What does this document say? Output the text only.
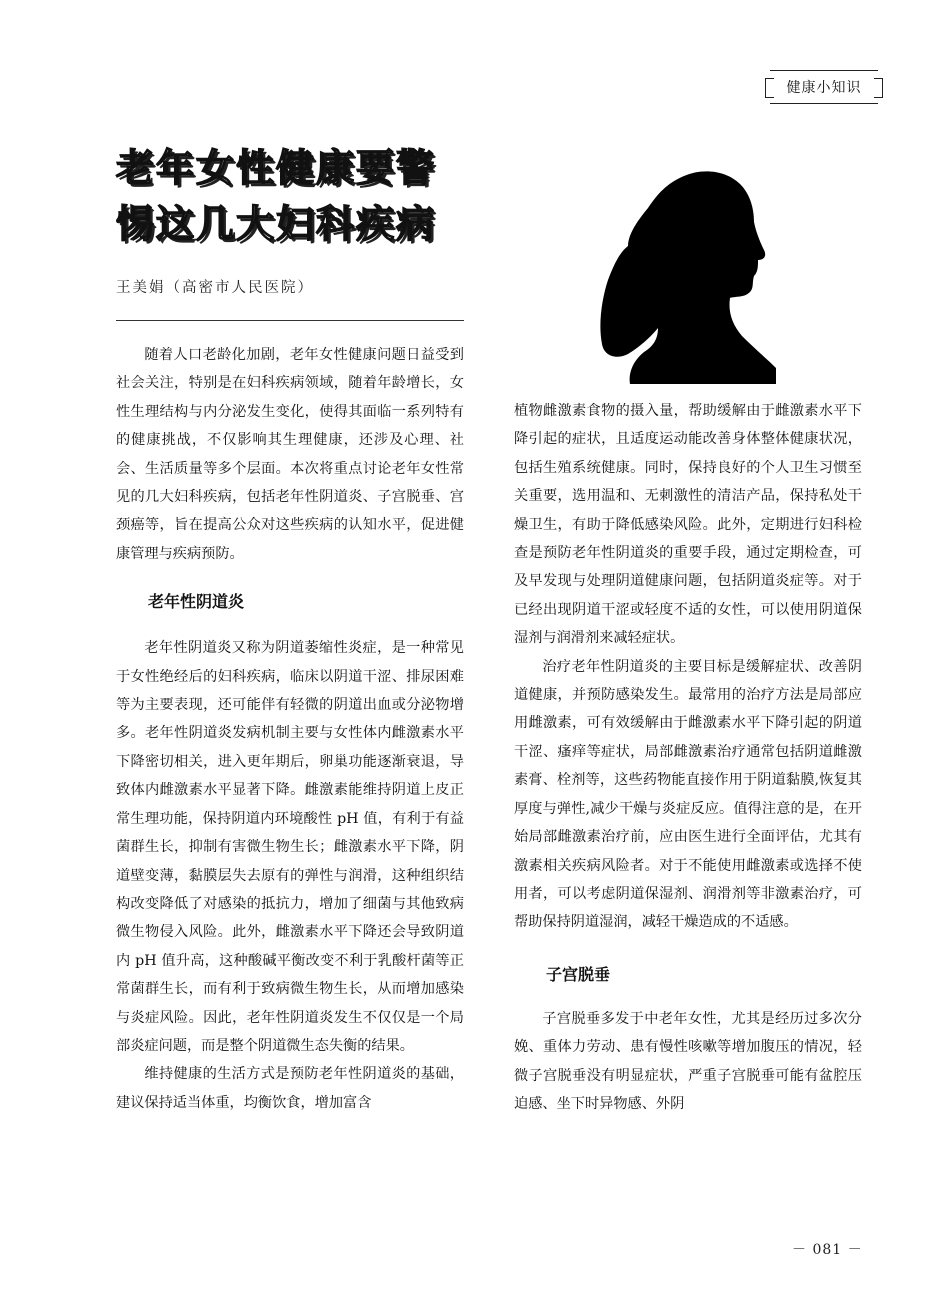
健康小知识
老年女性健康要警
惕这几大妇科疾病
王美娟（高密市人民医院）

随着人口老龄化加剧，老年女性健康问题日益受到社会关注，特别是在妇科疾病领域，随着年龄增长，女性生理结构与内分泌发生变化，使得其面临一系列特有的健康挑战，不仅影响其生理健康，还涉及心理、社会、生活质量等多个层面。本次将重点讨论老年女性常见的几大妇科疾病，包括老年性阴道炎、子宫脱垂、宫颈癌等，旨在提高公众对这些疾病的认知水平，促进健康管理与疾病预防。

老年性阴道炎

老年性阴道炎又称为阴道萎缩性炎症，是一种常见于女性绝经后的妇科疾病，临床以阴道干涩、排尿困难等为主要表现，还可能伴有轻微的阴道出血或分泌物增多。老年性阴道炎发病机制主要与女性体内雌激素水平下降密切相关，进入更年期后，卵巢功能逐渐衰退，导致体内雌激素水平显著下降。雌激素能维持阴道上皮正常生理功能，保持阴道内环境酸性 pH 值，有利于有益菌群生长，抑制有害微生物生长；雌激素水平下降，阴道壁变薄，黏膜层失去原有的弹性与润滑，这种组织结构改变降低了对感染的抵抗力，增加了细菌与其他致病微生物侵入风险。此外，雌激素水平下降还会导致阴道内 pH 值升高，这种酸碱平衡改变不利于乳酸杆菌等正常菌群生长，而有利于致病微生物生长，从而增加感染与炎症风险。因此，老年性阴道炎发生不仅仅是一个局部炎症问题，而是整个阴道微生态失衡的结果。

维持健康的生活方式是预防老年性阴道炎的基础，建议保持适当体重，均衡饮食，增加富含

植物雌激素食物的摄入量，帮助缓解由于雌激素水平下降引起的症状，且适度运动能改善身体整体健康状况，包括生殖系统健康。同时，保持良好的个人卫生习惯至关重要，选用温和、无刺激性的清洁产品，保持私处干燥卫生，有助于降低感染风险。此外，定期进行妇科检查是预防老年性阴道炎的重要手段，通过定期检查，可及早发现与处理阴道健康问题，包括阴道炎症等。对于已经出现阴道干涩或轻度不适的女性，可以使用阴道保湿剂与润滑剂来减轻症状。

治疗老年性阴道炎的主要目标是缓解症状、改善阴道健康，并预防感染发生。最常用的治疗方法是局部应用雌激素，可有效缓解由于雌激素水平下降引起的阴道干涩、瘙痒等症状，局部雌激素治疗通常包括阴道雌激素膏、栓剂等，这些药物能直接作用于阴道黏膜,恢复其厚度与弹性,减少干燥与炎症反应。值得注意的是，在开始局部雌激素治疗前，应由医生进行全面评估，尤其有激素相关疾病风险者。对于不能使用雌激素或选择不使用者，可以考虑阴道保湿剂、润滑剂等非激素治疗，可帮助保持阴道湿润，减轻干燥造成的不适感。

子宫脱垂

子宫脱垂多发于中老年女性，尤其是经历过多次分娩、重体力劳动、患有慢性咳嗽等增加腹压的情况，轻微子宫脱垂没有明显症状，严重子宫脱垂可能有盆腔压迫感、坐下时异物感、外阴

－ 081 －
